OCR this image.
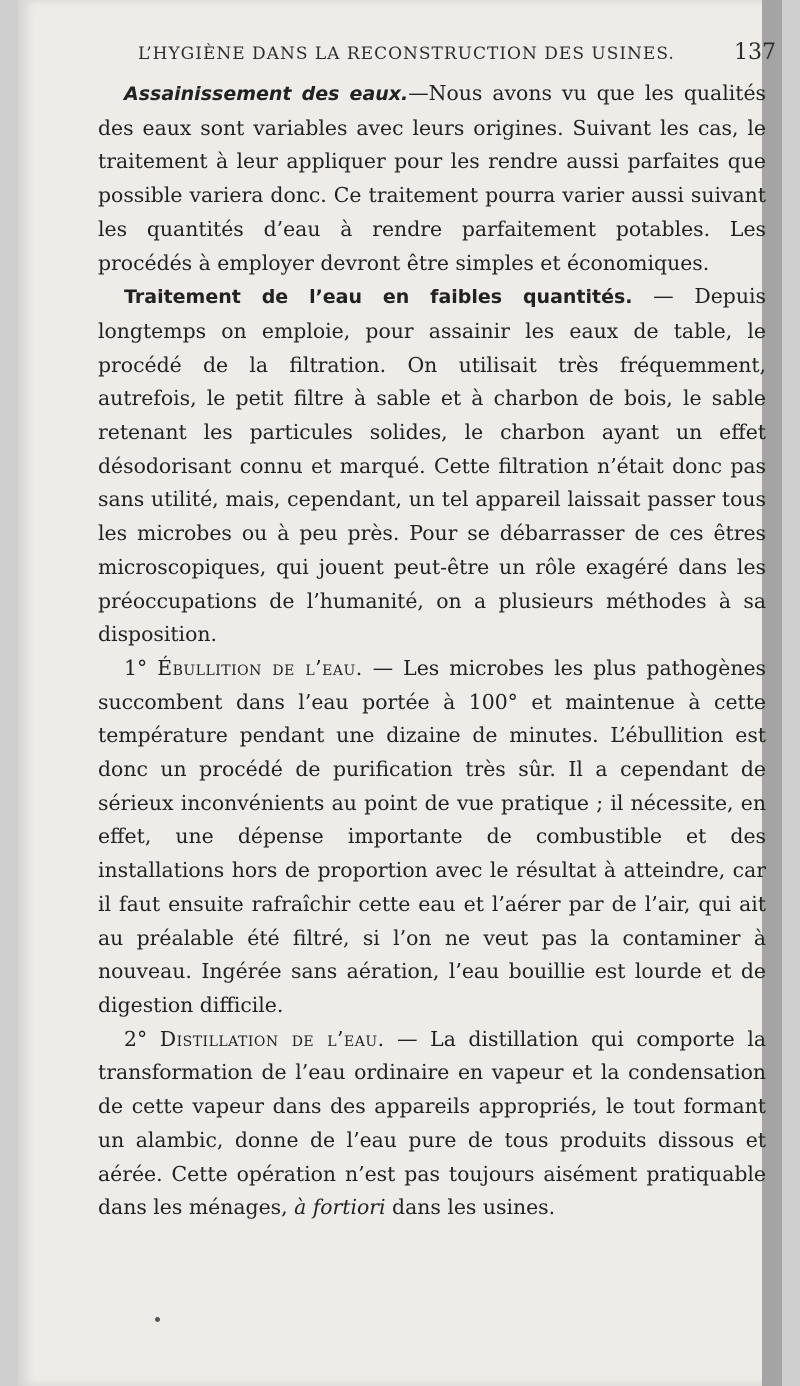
L’HYGIÈNE DANS LA RECONSTRUCTION DES USINES.	137

Assainissement des eaux.—Nous avons vu que les qualités des eaux sont variables avec leurs origines. Suivant les cas, le traitement à leur appliquer pour les rendre aussi parfaites que possible variera donc. Ce traitement pourra varier aussi suivant les quantités d’eau à rendre parfaitement potables. Les procédés à employer devront être simples et économiques.

Traitement de l’eau en faibles quantités. — Depuis longtemps on emploie, pour assainir les eaux de table, le procédé de la filtration. On utilisait très fréquemment, autrefois, le petit filtre à sable et à charbon de bois, le sable retenant les particules solides, le charbon ayant un effet désodorisant connu et marqué. Cette filtration n’était donc pas sans utilité, mais, cependant, un tel appareil laissait passer tous les microbes ou à peu près. Pour se débarrasser de ces êtres microscopiques, qui jouent peut-être un rôle exagéré dans les préoccupations de l’humanité, on a plusieurs méthodes à sa disposition.

1° Ébullition de l’eau. — Les microbes les plus pathogènes succombent dans l’eau portée à 100° et maintenue à cette température pendant une dizaine de minutes. L’ébullition est donc un procédé de purification très sûr. Il a cependant de sérieux inconvénients au point de vue pratique ; il nécessite, en effet, une dépense importante de combustible et des installations hors de proportion avec le résultat à atteindre, car il faut ensuite rafraîchir cette eau et l’aérer par de l’air, qui ait au préalable été filtré, si l’on ne veut pas la contaminer à nouveau. Ingérée sans aération, l’eau bouillie est lourde et de digestion difficile.

2° Distillation de l’eau. — La distillation qui comporte la transformation de l’eau ordinaire en vapeur et la condensation de cette vapeur dans des appareils appropriés, le tout formant un alambic, donne de l’eau pure de tous produits dissous et aérée. Cette opération n’est pas toujours aisément pratiquable dans les ménages, à fortiori dans les usines.
